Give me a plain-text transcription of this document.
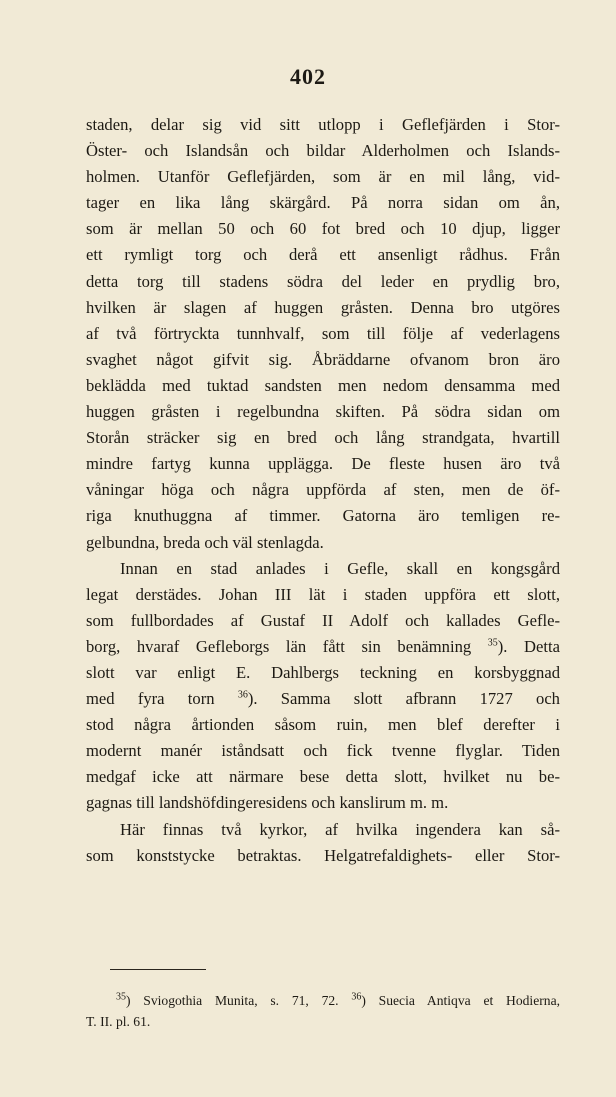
402
staden, delar sig vid sitt utlopp i Geflefjärden i Stor-
Öster- och Islandsån och bildar Alderholmen och Islands-
holmen. Utanför Geflefjärden, som är en mil lång, vid-
tager en lika lång skärgård. På norra sidan om ån,
som är mellan 50 och 60 fot bred och 10 djup, ligger
ett rymligt torg och derå ett ansenligt rådhus. Från
detta torg till stadens södra del leder en prydlig bro,
hvilken är slagen af huggen gråsten. Denna bro utgöres
af två förtryckta tunnhvalf, som till följe af vederlagens
svaghet något gifvit sig. Åbräddarne ofvanom bron äro
beklädda med tuktad sandsten men nedom densamma med
huggen gråsten i regelbundna skiften. På södra sidan om
Storån sträcker sig en bred och lång strandgata, hvartill
mindre fartyg kunna upplägga. De fleste husen äro två
våningar höga och några uppförda af sten, men de öf-
riga knuthuggna af timmer. Gatorna äro temligen re-
gelbundna, breda och väl stenlagda.
Innan en stad anlades i Gefle, skall en kongsgård
legat derstädes. Johan III lät i staden uppföra ett slott,
som fullbordades af Gustaf II Adolf och kallades Gefle-
borg, hvaraf Gefleborgs län fått sin benämning $^{35}$). Detta
slott var enligt E. Dahlbergs teckning en korsbyggnad
med fyra torn $^{36}$). Samma slott afbrann 1727 och
stod några årtionden såsom ruin, men blef derefter i
modernt manér iståndsatt och fick tvenne flyglar. Tiden
medgaf icke att närmare bese detta slott, hvilket nu be-
gagnas till landshöfdingeresidens och kanslirum m. m.
Här finnas två kyrkor, af hvilka ingendera kan så-
som konststycke betraktas. Helgatrefaldighets- eller Stor-
$^{35}$) Sviogothia Munita, s. 71, 72. $^{36}$) Suecia Antiqva et Hodierna,
T. II. pl. 61.
